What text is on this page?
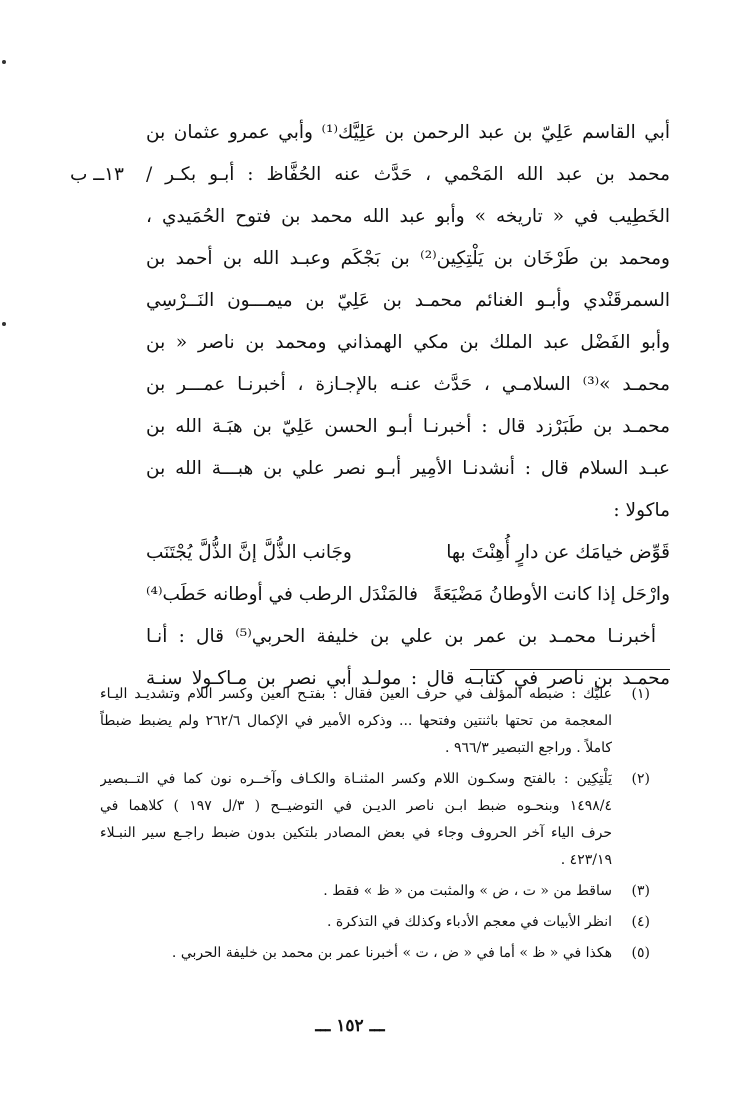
١٣ــ ب
أبي القاسم عَلِيّ بن عبد الرحمن بن عَلِيَّك⁽¹⁾ وأبي عمرو عثمان بن
محمد بن عبد الله المَحْمي ، حَدَّث عنه الحُفَّاظ : أبـو بكـر /
الخَطِيب في « تاريخه » وأبو عبد الله محمد بن فتوح الحُمَيدي ،
ومحمد بن طَرْخَان بن يَلْتِكِين⁽²⁾ بن بَجْكَم وعبـد الله بن أحمد بن
السمرقَنْدي وأبـو الغنائم محمـد بن عَلِيّ بن ميمـــون النَــرْسِي
وأبو الفَضْل عبد الملك بن مكي الهمذاني ومحمد بن ناصر « بن
محمـد »⁽³⁾ السلامـي ، حَدَّث عنـه بالإجـازة ، أخبرنـا عمـــر بن
محمـد بن طَبَرْزد قال : أخبرنـا أبـو الحسن عَلِيّ بن هبَـة الله بن
عبـد السلام قال : أنشدنـا الأمِير أبـو نصر علي بن هبـــة الله بن
ماكولا :
قَوِّض خيامَك عن دارٍ أُهِنْتَ بها
وجَانب الذُّلَّ إنَّ الذُّلَّ يُجْتَنَب
وارْحَل إذا كانت الأوطانُ مَضْيَعَةً
فالمَنْدَل الرطب في أوطانه حَطَب⁽⁴⁾
أخبرنـا محمـد بن عمر بن علي بن خليفة الحربي⁽⁵⁾ قال : أنـا
محمـد بن ناصر في كتابـه قال : مولـد أبي نصر بن مـاكـولا سنـة
(١)
عليَّك : ضبطه المؤلف في حرف العين فقال : بفتـح العين وكسر اللام وتشديـد اليـاء
المعجمة من تحتها باثنتين وفتحها ... وذكره الأمير في الإكمال ٢٦٢/٦ ولم يضبط ضبطاً
كاملاً . وراجع التبصير ٩٦٦/٣ .
(٢)
يَلْتِكِين : بالفتح وسكـون اللام وكسر المثنـاة والكـاف وآخــره نون كما في التــبصير
١٤٩٨/٤ وبنحـوه ضبط ابـن ناصر الديـن في التوضيــح ( ٣/ل ١٩٧ ) كلاهما في
حرف الياء آخر الحروف وجاء في بعض المصادر بلتكين بدون ضبط راجـع سير النبـلاء
٤٢٣/١٩ .
(٣)
ساقط من « ت ، ض » والمثبت من « ظ » فقط .
(٤)
انظر الأبيات في معجم الأدباء وكذلك في التذكرة .
(٥)
هكذا في « ظ » أما في « ض ، ت » أخبرنا عمر بن محمد بن خليفة الحربي .
ـــ ١٥٢ ـــ
